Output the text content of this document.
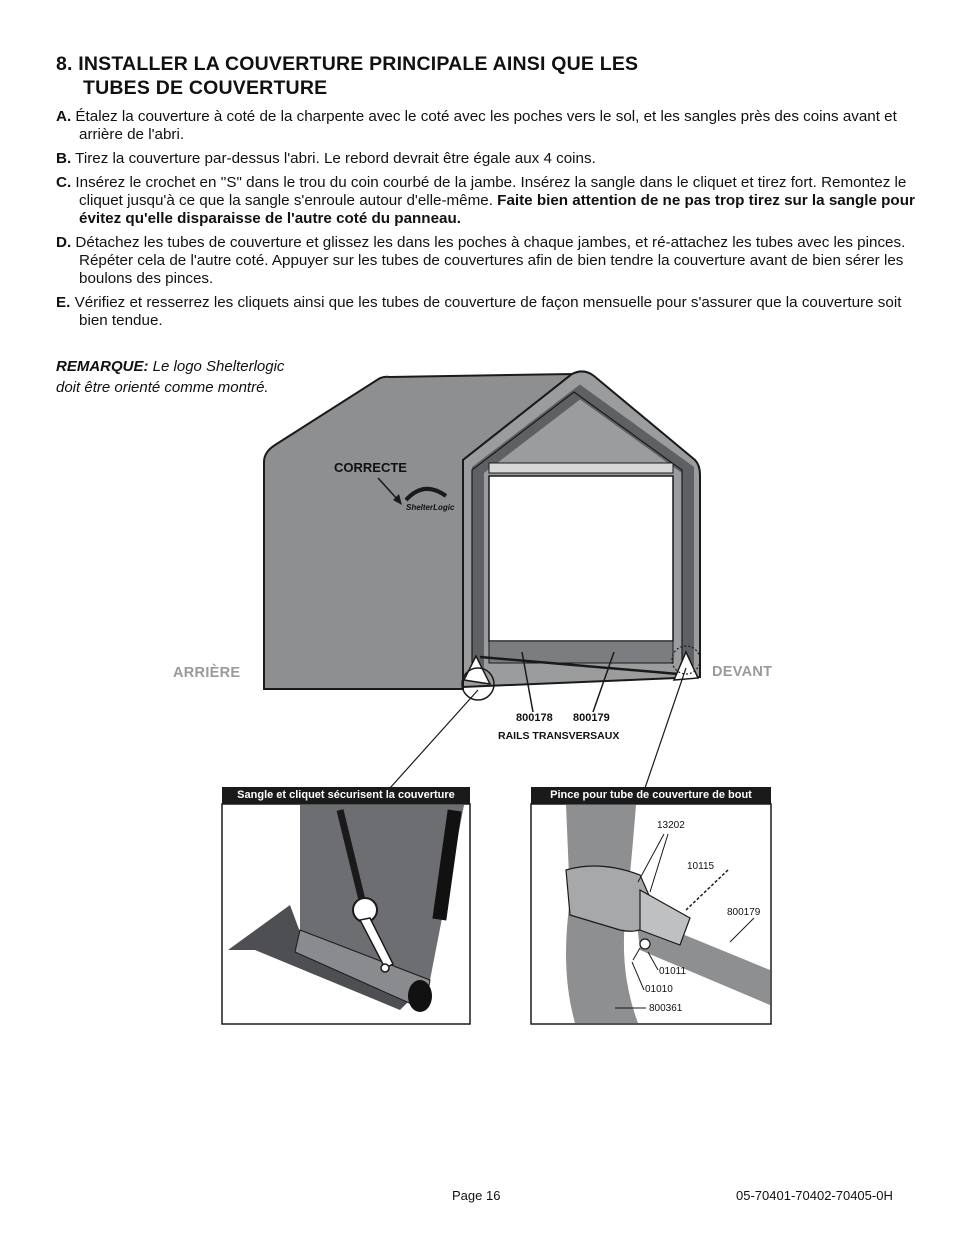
8. INSTALLER LA COUVERTURE PRINCIPALE AINSI QUE LES
TUBES DE COUVERTURE

A. Étalez la couverture à coté de la charpente avec le coté avec les poches vers le sol, et les sangles près des coins avant et arrière de l'abri.

B. Tirez la couverture par-dessus l'abri. Le rebord devrait être égale aux 4 coins.

C. Insérez le crochet en ''S" dans le trou du coin courbé de la jambe. Insérez la sangle dans le cliquet et tirez fort. Remontez le cliquet jusqu'à ce que la sangle s'enroule autour d'elle-même. Faite bien attention de ne pas trop tirez sur la sangle pour évitez qu'elle disparaisse de l'autre coté du panneau.

D. Détachez les tubes de couverture et glissez les dans les poches à chaque jambes, et ré-attachez les tubes avec les pinces. Répéter cela de l'autre coté. Appuyer sur les tubes de couvertures afin de bien tendre la couverture avant de bien sérer les boulons des pinces.

E. Vérifiez et resserrez les cliquets ainsi que les tubes de couverture de façon mensuelle pour s'assurer que la couverture soit bien tendue.

REMARQUE: Le logo Shelterlogic
doit être orienté comme montré.
CORRECTE
ShelterLogic
ARRIÈRE	DEVANT
800178 800179
RAILS TRANSVERSAUX
Sangle et cliquet sécurisent la couverture	Pince pour tube de couverture de bout
13202
10115
800179
01011
01010
800361
Page 16	05-70401-70402-70405-0H
